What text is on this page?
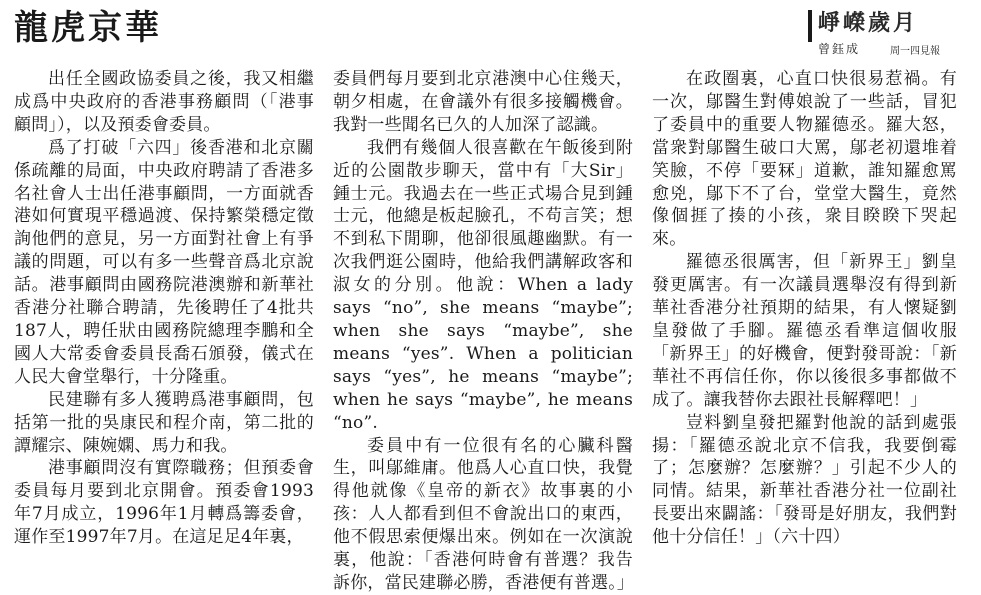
龍虎京華	崢嶸歲月
曾鈺成	周一四見報

出任全國政協委員之後，我又相繼成爲中央政府的香港事務顧問（「港事顧問」），以及預委會委員。

爲了打破「六四」後香港和北京關係疏離的局面，中央政府聘請了香港多名社會人士出任港事顧問，一方面就香港如何實現平穩過渡、保持繁榮穩定徵詢他們的意見，另一方面對社會上有爭議的問題，可以有多一些聲音爲北京說話。港事顧問由國務院港澳辦和新華社香港分社聯合聘請，先後聘任了4批共187人，聘任狀由國務院總理李鵬和全國人大常委會委員長喬石頒發，儀式在人民大會堂舉行，十分隆重。

民建聯有多人獲聘爲港事顧問，包括第一批的吳康民和程介南，第二批的譚耀宗、陳婉嫻、馬力和我。

港事顧問沒有實際職務；但預委會委員每月要到北京開會。預委會1993年7月成立，1996年1月轉爲籌委會，運作至1997年7月。在這足足4年裏，

委員們每月要到北京港澳中心住幾天，朝夕相處，在會議外有很多接觸機會。我對一些聞名已久的人加深了認識。

我們有幾個人很喜歡在午飯後到附近的公園散步聊天，當中有「大Sir」鍾士元。我過去在一些正式場合見到鍾士元，他總是板起臉孔，不苟言笑；想不到私下閒聊，他卻很風趣幽默。有一次我們逛公園時，他給我們講解政客和淑女的分別。他說：When a lady says “no”, she means “maybe”; when she says “maybe”, she means “yes”. When a politician says “yes”, he means “maybe”; when he says “maybe”, he means “no”.

委員中有一位很有名的心臟科醫生，叫鄔維庸。他爲人心直口快，我覺得他就像《皇帝的新衣》故事裏的小孩：人人都看到但不會說出口的東西，他不假思索便爆出來。例如在一次演說裏，他說：「香港何時會有普選？我告訴你，當民建聯必勝，香港便有普選。」

在政圈裏，心直口快很易惹禍。有一次，鄔醫生對傅娘說了一些話，冒犯了委員中的重要人物羅德丞。羅大怒，當衆對鄔醫生破口大罵，鄔老初還堆着笑臉，不停「要冧」道歉，誰知羅愈罵愈兇，鄔下不了台，堂堂大醫生，竟然像個捱了揍的小孩，衆目睽睽下哭起來。

羅德丞很厲害，但「新界王」劉皇發更厲害。有一次議員選舉沒有得到新華社香港分社預期的結果，有人懷疑劉皇發做了手腳。羅德丞看準這個收服「新界王」的好機會，便對發哥說：「新華社不再信任你，你以後很多事都做不成了。讓我替你去跟社長解釋吧！」

豈料劉皇發把羅對他說的話到處張揚：「羅德丞說北京不信我，我要倒霉了；怎麼辦？怎麼辦？」引起不少人的同情。結果，新華社香港分社一位副社長要出來闢謠：「發哥是好朋友，我們對他十分信任！」（六十四）
